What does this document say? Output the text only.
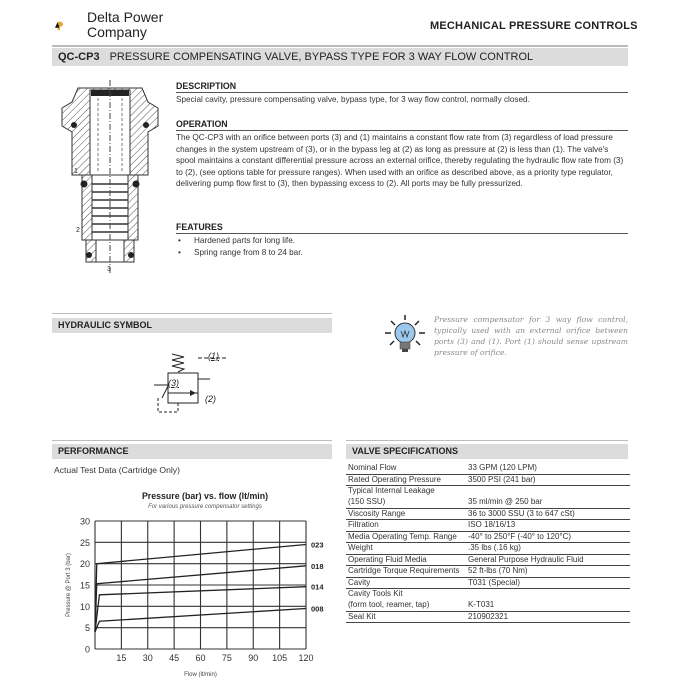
Delta Power
Company	MECHANICAL PRESSURE CONTROLS
QC-CP3 PRESSURE COMPENSATING VALVE, BYPASS TYPE FOR 3 WAY FLOW CONTROL
1
2
3
DESCRIPTION

Special cavity, pressure compensating valve, bypass type, for 3 way flow control, normally closed.

OPERATION

The QC-CP3 with an orifice between ports (3) and (1) maintains a constant flow rate from (3) regardless of load pressure changes in the system upstream of (3), or in the bypass leg at (2) as long as pressure at (2) is less than (1). The valve's spool maintains a constant differential pressure across an external orifice, thereby regulating the hydraulic flow rate from (3) to (2), (see options table for pressure ranges). When used with an orifice as described above, as a priority type regulator, delivering pump flow first to (3), then bypassing excess to (2). All ports may be fully pressurized.

FEATURES
• Hardened parts for long life.
• Spring range from 8 to 24 bar.
HYDRAULIC SYMBOL
(1)
(2)
(3)
Pressure compensator for 3 way flow control, typically used with an external orifice between ports (3) and (1). Port (1) should sense upstream pressure of orifice.
PERFORMANCE
Actual Test Data (Cartridge Only)
Pressure (bar) vs. flow (lt/min)
For various pressure compensator settings
0
5
10
15
20
25
30
15 30 45 60 75 90 105 120
023
018
014
008
Flow (lt/min)
Pressure @ Port 3 (bar)
VALVE SPECIFICATIONS
Nominal Flow	33 GPM (120 LPM)
Rated Operating Pressure	3500 PSI (241 bar)
Typical Internal Leakage
(150 SSU)	35 ml/min @ 250 bar
Viscosity Range	36 to 3000 SSU (3 to 647 cSt)
Filtration	ISO 18/16/13
Media Operating Temp. Range	-40° to 250°F (-40° to 120°C)
Weight	.35 lbs (.16 kg)
Operating Fluid Media	General Purpose Hydraulic Fluid
Cartridge Torque Requirements	52 ft-lbs (70 Nm)
Cavity	T031 (Special)
Cavity Tools Kit
(form tool, reamer, tap)	K-T031
Seal Kit	210902321
